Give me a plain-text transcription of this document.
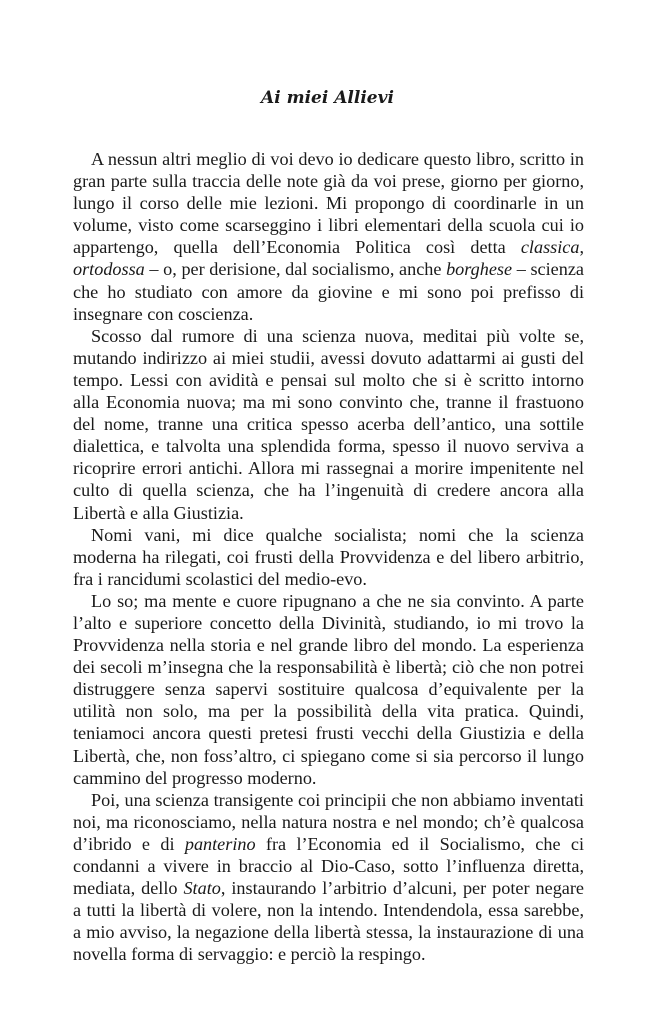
Ai miei Allievi

A nessun altri meglio di voi devo io dedicare questo libro, scritto in gran parte sulla traccia delle note già da voi prese, giorno per giorno, lungo il corso delle mie lezioni. Mi propongo di coordinarle in un volume, visto come scarseggino i libri elementari della scuola cui io appartengo, quella dell’Economia Politica così detta classica, ortodossa – o, per derisione, dal socialismo, anche borghese – scienza che ho studiato con amore da giovine e mi sono poi prefisso di insegnare con coscienza.

Scosso dal rumore di una scienza nuova, meditai più volte se, mutando indirizzo ai miei studii, avessi dovuto adattarmi ai gusti del tempo. Lessi con avidità e pensai sul molto che si è scritto intorno alla Economia nuova; ma mi sono convinto che, tranne il frastuono del nome, tranne una critica spesso acerba dell’antico, una sottile dialettica, e talvolta una splendida forma, spesso il nuovo serviva a ricoprire errori antichi. Allora mi rassegnai a morire impenitente nel culto di quella scienza, che ha l’ingenuità di credere ancora alla Libertà e alla Giustizia.

Nomi vani, mi dice qualche socialista; nomi che la scienza moderna ha rilegati, coi frusti della Provvidenza e del libero arbitrio, fra i rancidumi scolastici del medio-evo.

Lo so; ma mente e cuore ripugnano a che ne sia convinto. A parte l’alto e superiore concetto della Divinità, studiando, io mi trovo la Provvidenza nella storia e nel grande libro del mondo. La esperienza dei secoli m’insegna che la responsabilità è libertà; ciò che non potrei distruggere senza sapervi sostituire qualcosa d’equivalente per la utilità non solo, ma per la possibilità della vita pratica. Quindi, teniamoci ancora questi pretesi frusti vecchi della Giustizia e della Libertà, che, non foss’altro, ci spiegano come si sia percorso il lungo cammino del progresso moderno.

Poi, una scienza transigente coi principii che non abbiamo inventati noi, ma riconosciamo, nella natura nostra e nel mondo; ch’è qualcosa d’ibrido e di panterino fra l’Economia ed il Socialismo, che ci condanni a vivere in braccio al Dio-Caso, sotto l’influenza diretta, mediata, dello Stato, instaurando l’arbitrio d’alcuni, per poter negare a tutti la libertà di volere, non la intendo. Intendendola, essa sarebbe, a mio avviso, la negazione della libertà stessa, la instaurazione di una novella forma di servaggio: e perciò la respingo.
